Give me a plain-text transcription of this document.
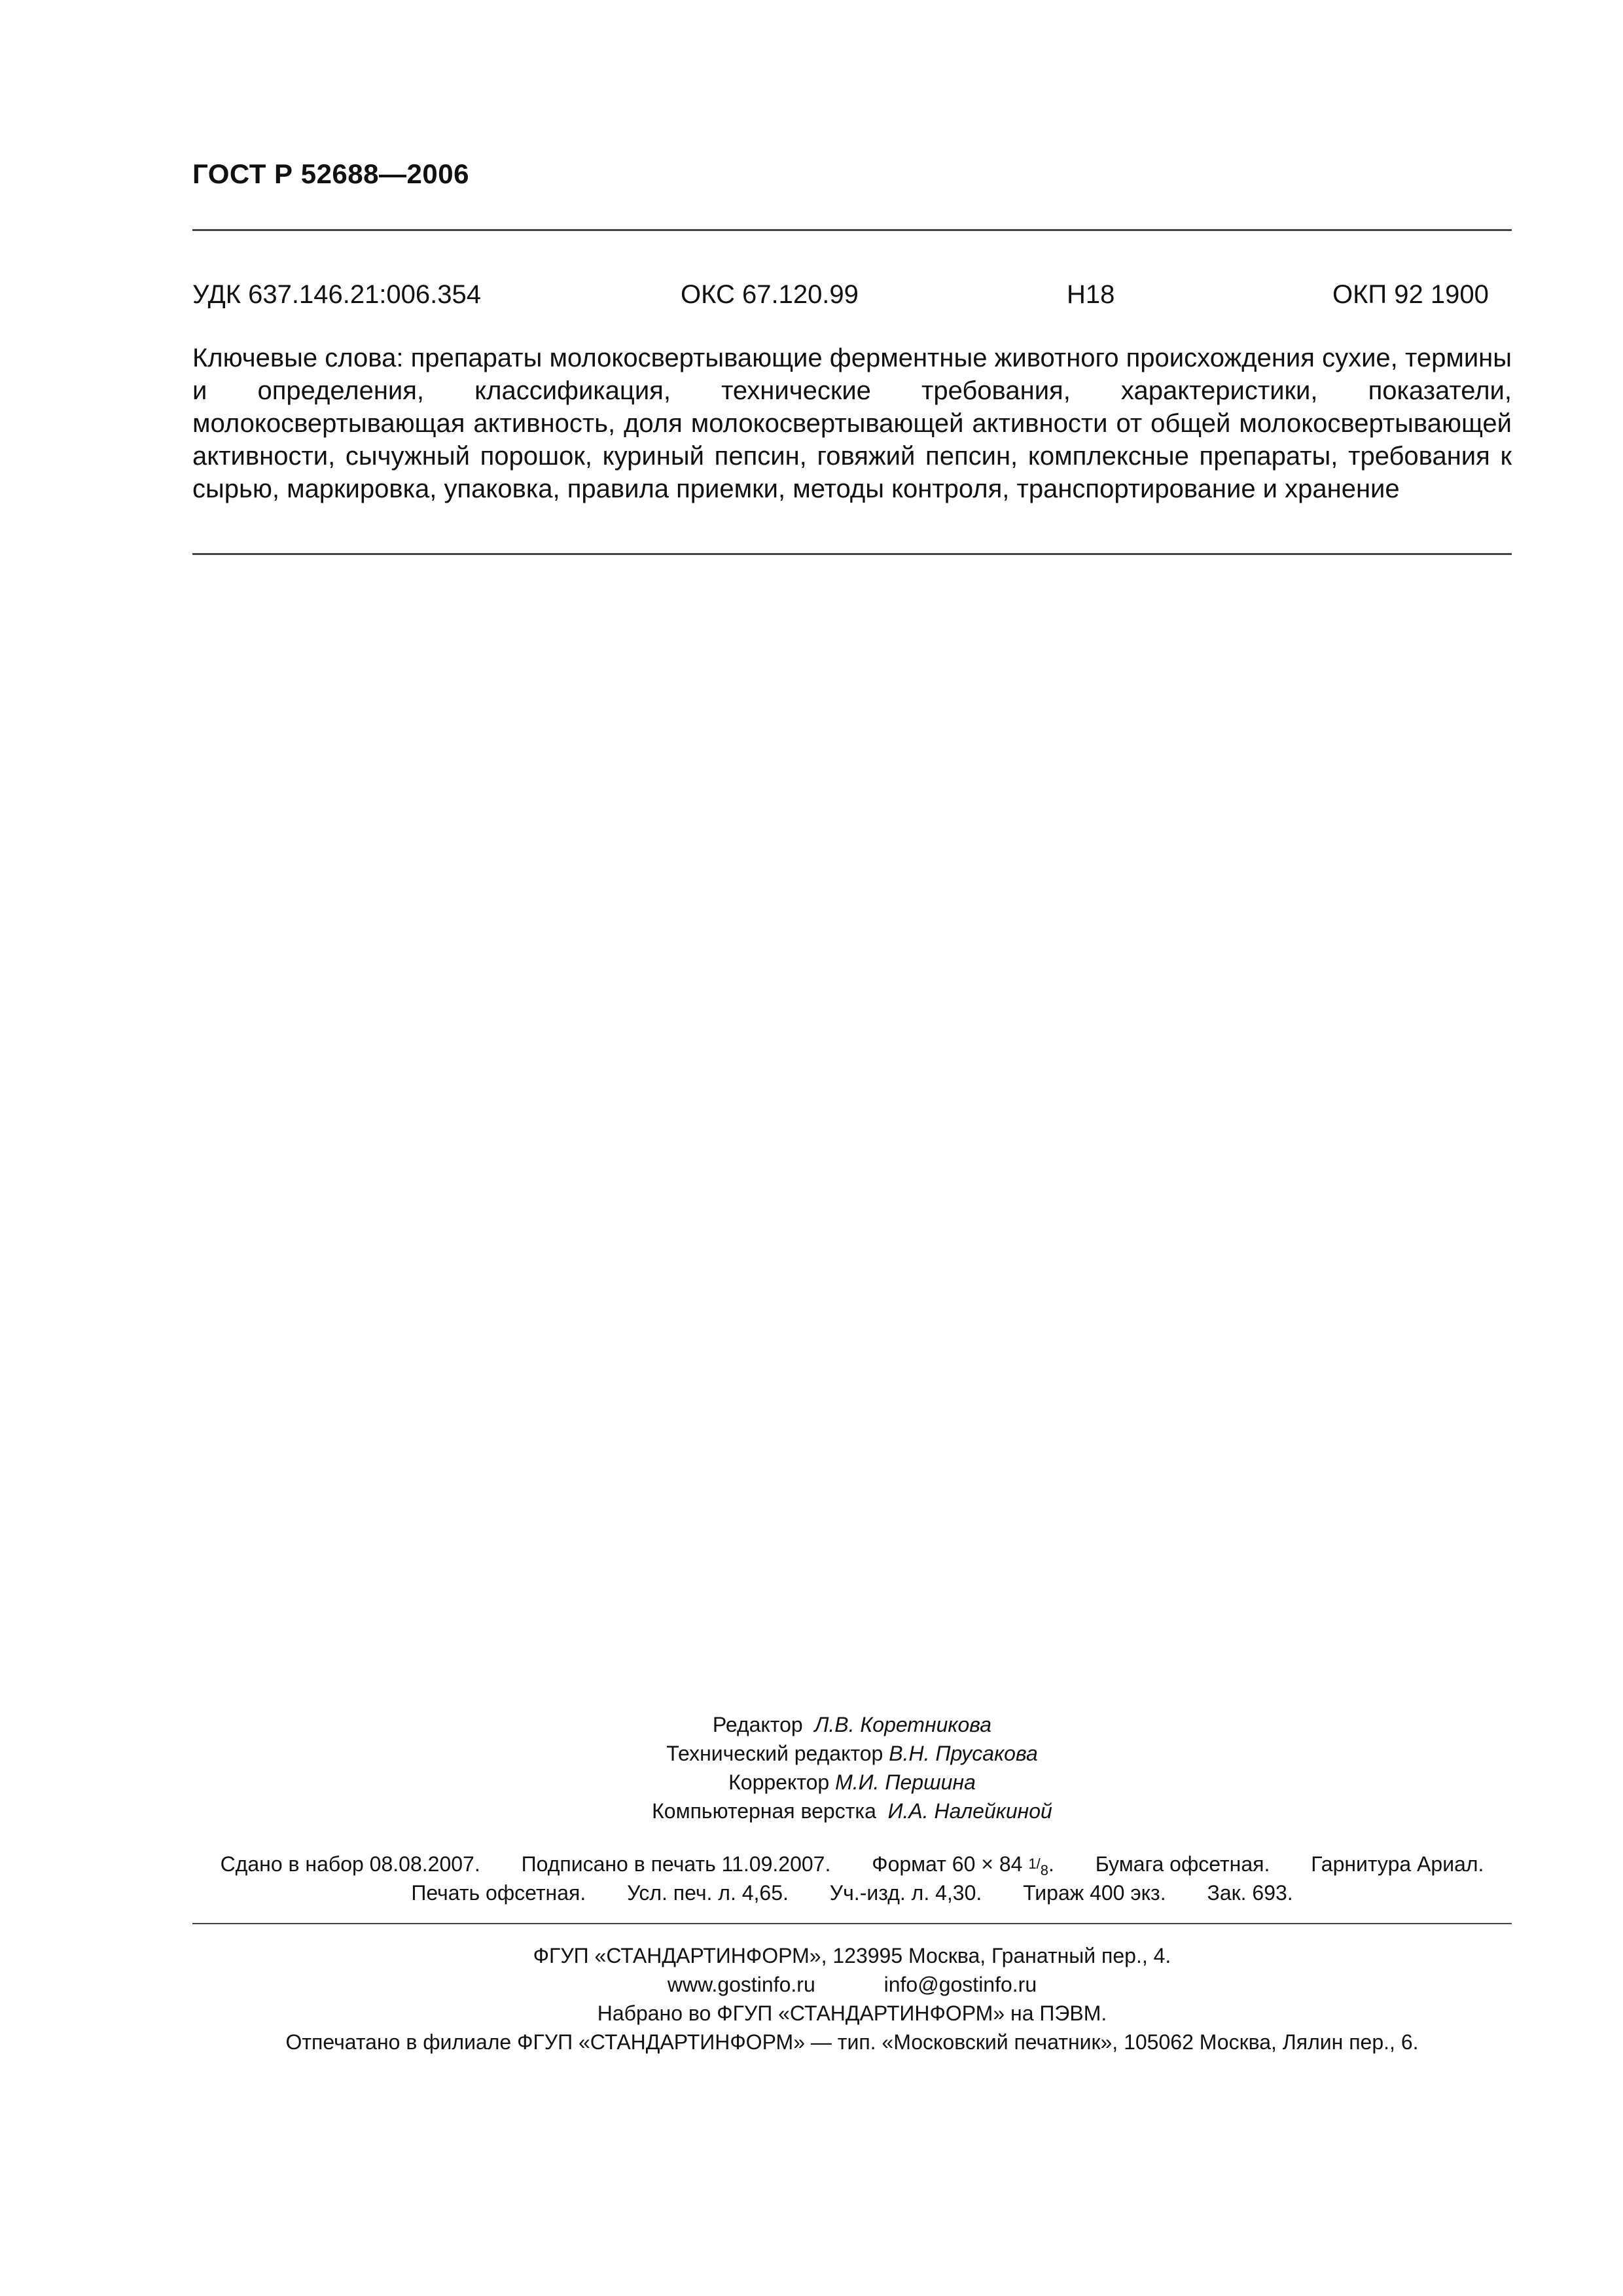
ГОСТ Р 52688—2006
УДК 637.146.21:006.354	ОКС 67.120.99	Н18	ОКП 92 1900
Ключевые слова: препараты молокосвертывающие ферментные животного происхождения сухие, термины и определения, классификация, технические требования, характеристики, показатели, молокосвертывающая активность, доля молокосвертывающей активности от общей молокосвертывающей активности, сычужный порошок, куриный пепсин, говяжий пепсин, комплексные препараты, требования к сырью, маркировка, упаковка, правила приемки, методы контроля, транспортирование и хранение
Редактор Л.В. Коретникова
Технический редактор В.Н. Прусакова
Корректор М.И. Першина
Компьютерная верстка И.А. Налейкиной
Сдано в набор 08.08.2007. Подписано в печать 11.09.2007. Формат 60 × 84 $1/_8$. Бумага офсетная. Гарнитура Ариал.
Печать офсетная. Усл. печ. л. 4,65. Уч.-изд. л. 4,30. Тираж 400 экз. Зак. 693.
ФГУП «СТАНДАРТИНФОРМ», 123995 Москва, Гранатный пер., 4.
www.gostinfo.ru	info@gostinfo.ru
Набрано во ФГУП «СТАНДАРТИНФОРМ» на ПЭВМ.
Отпечатано в филиале ФГУП «СТАНДАРТИНФОРМ» — тип. «Московский печатник», 105062 Москва, Лялин пер., 6.
